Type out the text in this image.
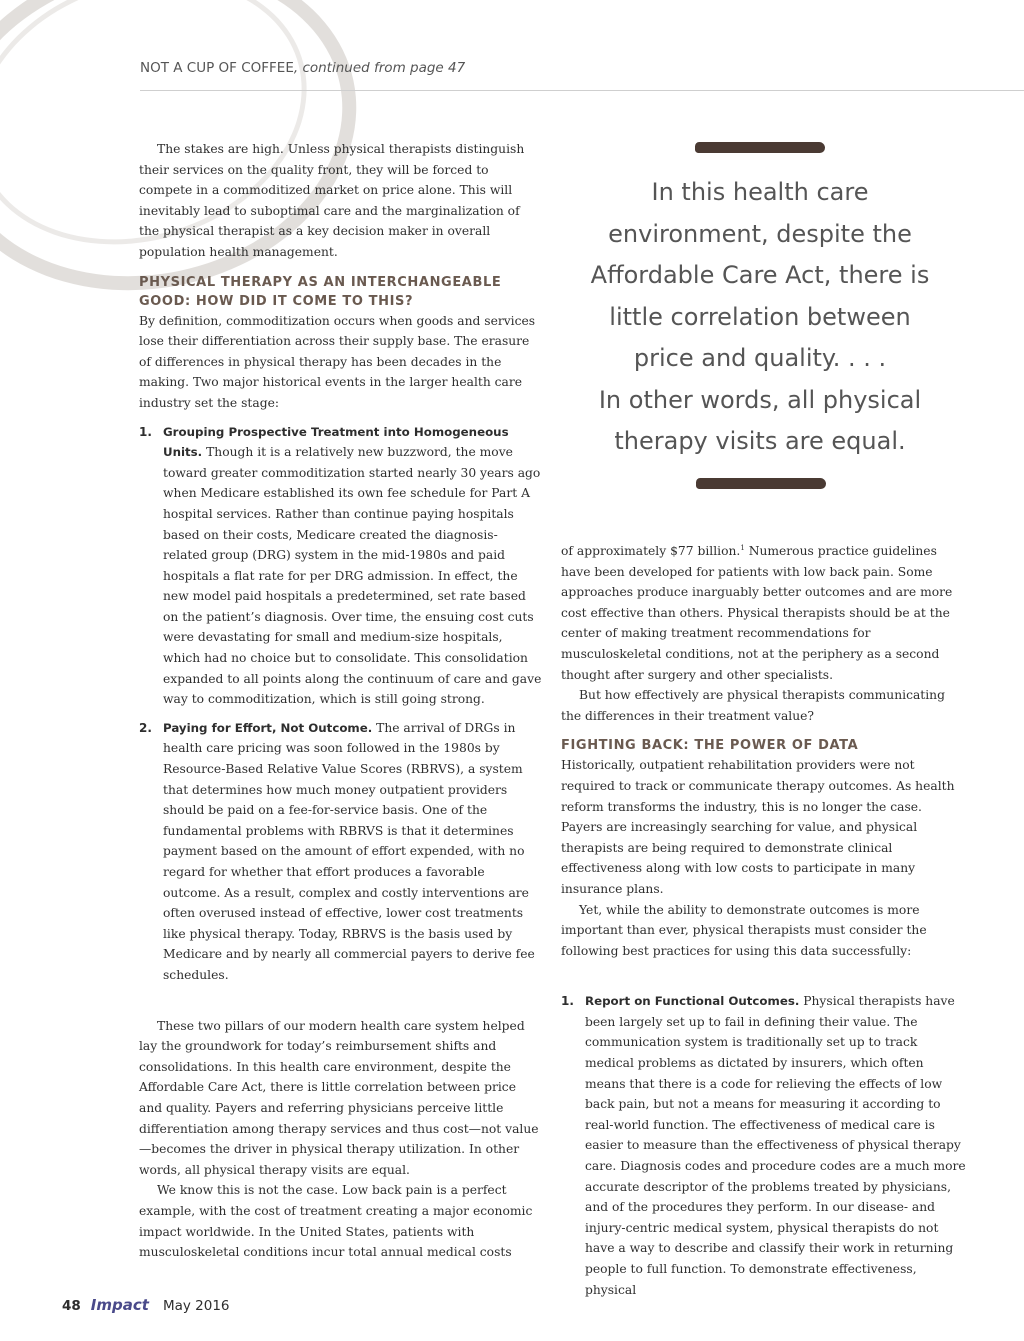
NOT A CUP OF COFFEE, continued from page 47

The stakes are high. Unless physical therapists distinguish their services on the quality front, they will be forced to compete in a commoditized market on price alone. This will inevitably lead to suboptimal care and the marginalization of the physical therapist as a key decision maker in overall population health management.

PHYSICAL THERAPY AS AN INTERCHANGEABLE GOOD: HOW DID IT COME TO THIS?

By definition, commoditization occurs when goods and services lose their differentiation across their supply base. The erasure of differences in physical therapy has been decades in the making. Two major historical events in the larger health care industry set the stage:

1. Grouping Prospective Treatment into Homogeneous Units. Though it is a relatively new buzzword, the move toward greater commoditization started nearly 30 years ago when Medicare established its own fee schedule for Part A hospital services. Rather than continue paying hospitals based on their costs, Medicare created the diagnosis-related group (DRG) system in the mid-1980s and paid hospitals a flat rate for per DRG admission. In effect, the new model paid hospitals a predetermined, set rate based on the patient’s diagnosis. Over time, the ensuing cost cuts were devastating for small and medium-size hospitals, which had no choice but to consolidate. This consolidation expanded to all points along the continuum of care and gave way to commoditization, which is still going strong.
2. Paying for Effort, Not Outcome. The arrival of DRGs in health care pricing was soon followed in the 1980s by Resource-Based Relative Value Scores (RBRVS), a system that determines how much money outpatient providers should be paid on a fee-for-service basis. One of the fundamental problems with RBRVS is that it determines payment based on the amount of effort expended, with no regard for whether that effort produces a favorable outcome. As a result, complex and costly interventions are often overused instead of effective, lower cost treatments like physical therapy. Today, RBRVS is the basis used by Medicare and by nearly all commercial payers to derive fee schedules.

These two pillars of our modern health care system helped lay the groundwork for today’s reimbursement shifts and consolidations. In this health care environment, despite the Affordable Care Act, there is little correlation between price and quality. Payers and referring physicians perceive little differentiation among therapy services and thus cost—not value—becomes the driver in physical therapy utilization. In other words, all physical therapy visits are equal.

We know this is not the case. Low back pain is a perfect example, with the cost of treatment creating a major economic impact worldwide. In the United States, patients with musculoskeletal conditions incur total annual medical costs

In this health care environment, despite the Affordable Care Act, there is little correlation between price and quality. . . .
In other words, all physical therapy visits are equal.

of approximately $77 billion.$^1$ Numerous practice guidelines have been developed for patients with low back pain. Some approaches produce inarguably better outcomes and are more cost effective than others. Physical therapists should be at the center of making treatment recommendations for musculoskeletal conditions, not at the periphery as a second thought after surgery and other specialists.

But how effectively are physical therapists communicating the differences in their treatment value?

FIGHTING BACK: THE POWER OF DATA

Historically, outpatient rehabilitation providers were not required to track or communicate therapy outcomes. As health reform transforms the industry, this is no longer the case. Payers are increasingly searching for value, and physical therapists are being required to demonstrate clinical effectiveness along with low costs to participate in many insurance plans.

Yet, while the ability to demonstrate outcomes is more important than ever, physical therapists must consider the following best practices for using this data successfully:

1. Report on Functional Outcomes. Physical therapists have been largely set up to fail in defining their value. The communication system is traditionally set up to track medical problems as dictated by insurers, which often means that there is a code for relieving the effects of low back pain, but not a means for measuring it according to real-world function. The effectiveness of medical care is easier to measure than the effectiveness of physical therapy care. Diagnosis codes and procedure codes are a much more accurate descriptor of the problems treated by physicians, and of the procedures they perform. In our disease- and injury-centric medical system, physical therapists do not have a way to describe and classify their work in returning people to full function. To demonstrate effectiveness, physical
48 Impact May 2016
